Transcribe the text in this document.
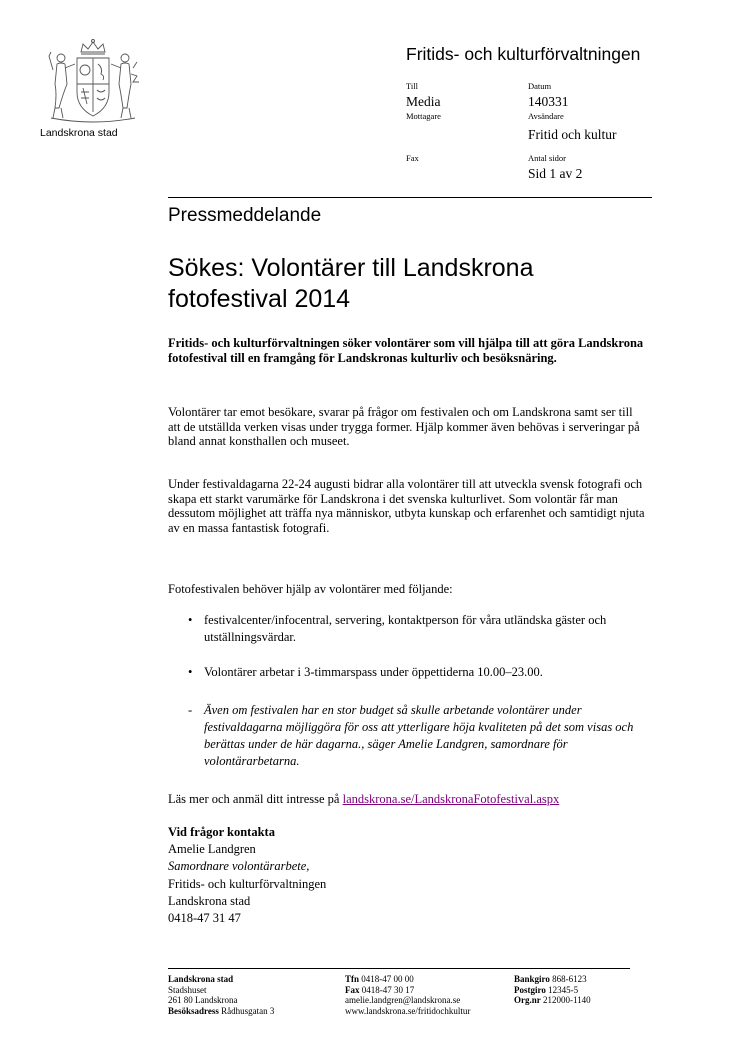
Landskrona stad
Fritids- och kulturförvaltningen
Till
Media
Mottagare
Fax
Datum
140331
Avsändare
Fritid och kultur
Antal sidor
Sid 1 av 2
Pressmeddelande
Sökes: Volontärer till Landskrona fotofestival 2014
Fritids- och kulturförvaltningen söker volontärer som vill hjälpa till att göra Landskrona fotofestival till en framgång för Landskronas kulturliv och besöksnäring.
Volontärer tar emot besökare, svarar på frågor om festivalen och om Landskrona samt ser till att de utställda verken visas under trygga former. Hjälp kommer även behövas i serveringar på bland annat konsthallen och museet.
Under festivaldagarna 22-24 augusti bidrar alla volontärer till att utveckla svensk fotografi och skapa ett starkt varumärke för Landskrona i det svenska kulturlivet. Som volontär får man dessutom möjlighet att träffa nya människor, utbyta kunskap och erfarenhet och samtidigt njuta av en massa fantastisk fotografi.
Fotofestivalen behöver hjälp av volontärer med följande:
• festivalcenter/infocentral, servering, kontaktperson för våra utländska gäster och utställningsvärdar.
• Volontärer arbetar i 3-timmarspass under öppettiderna 10.00–23.00.
- Även om festivalen har en stor budget så skulle arbetande volontärer under festivaldagarna möjliggöra för oss att ytterligare höja kvaliteten på det som visas och berättas under de här dagarna., säger Amelie Landgren, samordnare för volontärarbetarna.
Läs mer och anmäl ditt intresse på landskrona.se/LandskronaFotofestival.aspx
Vid frågor kontakta
Amelie Landgren
Samordnare volontärarbete,
Fritids- och kulturförvaltningen
Landskrona stad
0418-47 31 47
Landskrona stad
Stadshuset
261 80 Landskrona
Besöksadress Rådhusgatan 3
Tfn 0418-47 00 00
Fax 0418-47 30 17
amelie.landgren@landskrona.se
www.landskrona.se/fritidochkultur
Bankgiro 868-6123
Postgiro 12345-5
Org.nr 212000-1140
